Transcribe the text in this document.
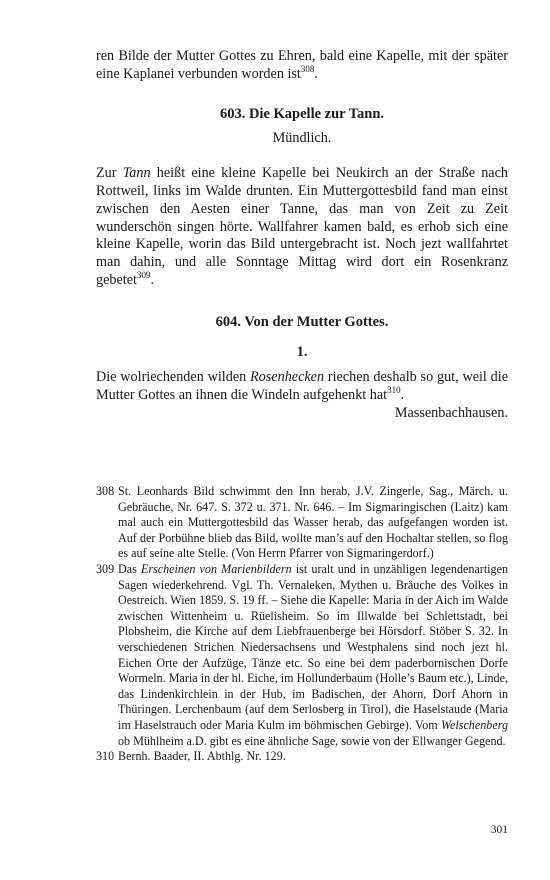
ren Bilde der Mutter Gottes zu Ehren, bald eine Kapelle, mit der später eine Kaplanei verbunden worden ist$^{308}$.

603. Die Kapelle zur Tann.

Mündlich.

Zur Tann heißt eine kleine Kapelle bei Neukirch an der Straße nach Rottweil, links im Walde drunten. Ein Muttergottesbild fand man einst zwischen den Aesten einer Tanne, das man von Zeit zu Zeit wunderschön singen hörte. Wallfahrer kamen bald, es erhob sich eine kleine Kapelle, worin das Bild untergebracht ist. Noch jezt wallfahrtet man dahin, und alle Sonntage Mittag wird dort ein Rosenkranz gebetet$^{309}$.

604. Von der Mutter Gottes.

1.

Die wolriechenden wilden Rosenhecken riechen deshalb so gut, weil die Mutter Gottes an ihnen die Windeln aufgehenkt hat$^{310}$.

Massenbachhausen.

308 St. Leonhards Bild schwimmt den Inn herab, J.V. Zingerle, Sag., Märch. u. Gebräuche, Nr. 647. S. 372 u. 371. Nr. 646. – Im Sigmaringischen (Laitz) kam mal auch ein Muttergottesbild das Wasser herab, das aufgefangen worden ist. Auf der Porbühne blieb das Bild, wollte man’s auf den Hochaltar stellen, so flog es auf seine alte Stelle. (Von Herrn Pfarrer von Sigmaringerdorf.)

309 Das Erscheinen von Marienbildern ist uralt und in unzähligen legendenartigen Sagen wiederkehrend. Vgl. Th. Vernaleken, Mythen u. Bräuche des Volkes in Oestreich. Wien 1859. S. 19 ff. – Siehe die Kapelle: Maria in der Aich im Walde zwischen Wittenheim u. Rüelisheim. So im Illwalde bei Schlettstadt, bei Plobsheim, die Kirche auf dem Liebfrauenberge bei Hörsdorf. Stöber S. 32. In verschiedenen Strichen Niedersachsens und Westphalens sind noch jezt hl. Eichen Orte der Aufzüge, Tänze etc. So eine bei dem paderbornischen Dorfe Wormeln. Maria in der hl. Eiche, im Hollunderbaum (Holle’s Baum etc.), Linde, das Lindenkirchlein in der Hub, im Badischen, der Ahorn, Dorf Ahorn in Thüringen. Lerchenbaum (auf dem Serlosberg in Tirol), die Haselstaude (Maria im Haselstrauch oder Maria Kulm im böhmischen Gebirge). Vom Welschenberg ob Mühlheim a.D. gibt es eine ähnliche Sage, sowie von der Ellwanger Gegend.

310 Bernh. Baader, II. Abthlg. Nr. 129.

301
